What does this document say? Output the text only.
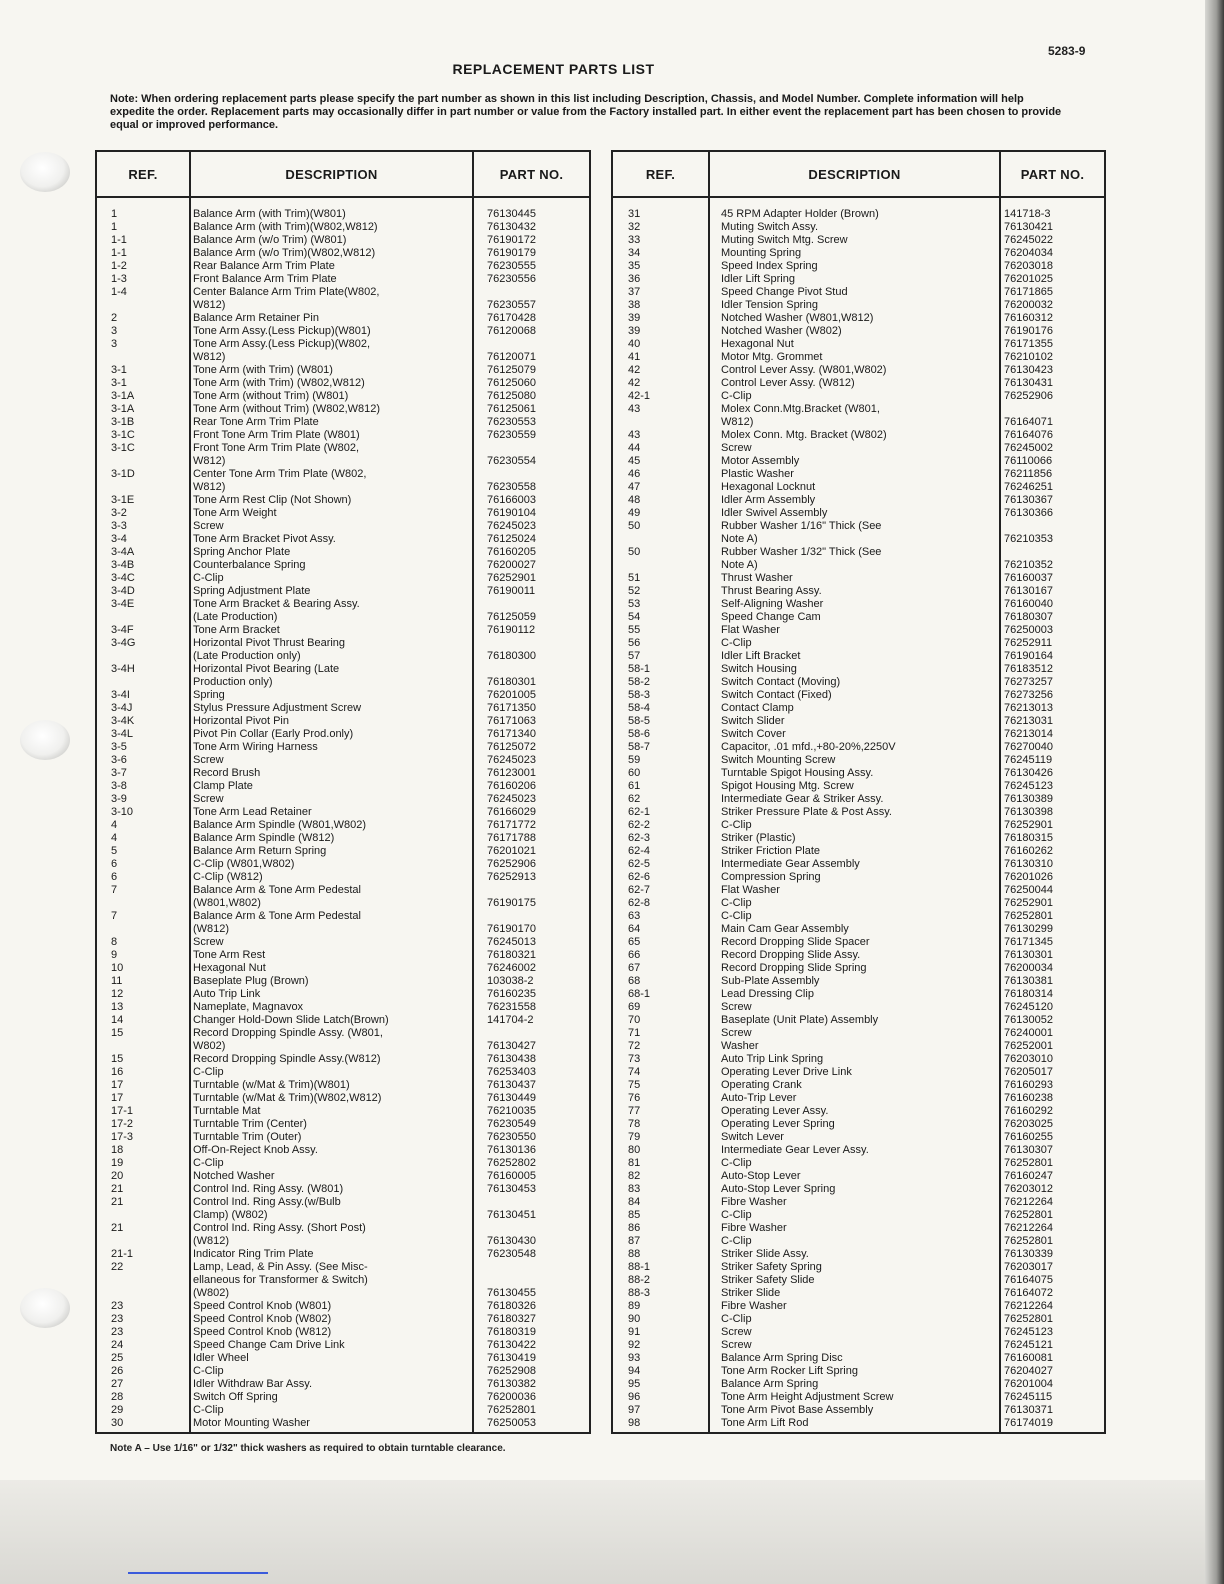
5283-9
REPLACEMENT PARTS LIST
Note: When ordering replacement parts please specify the part number as shown in this list including Description, Chassis, and Model Number. Complete information will help expedite the order. Replacement parts may occasionally differ in part number or value from the Factory installed part. In either event the replacement part has been chosen to provide equal or improved performance.
REF.	DESCRIPTION	PART NO.
1	Balance Arm (with Trim)(W801)	76130445
1	Balance Arm (with Trim)(W802,W812)	76130432
1-1	Balance Arm (w/o Trim) (W801)	76190172
1-1	Balance Arm (w/o Trim)(W802,W812)	76190179
1-2	Rear Balance Arm Trim Plate	76230555
1-3	Front Balance Arm Trim Plate	76230556
1-4	Center Balance Arm Trim Plate(W802,
W812)	76230557
2	Balance Arm Retainer Pin	76170428
3	Tone Arm Assy.(Less Pickup)(W801)	76120068
3	Tone Arm Assy.(Less Pickup)(W802,
W812)	76120071
3-1	Tone Arm (with Trim) (W801)	76125079
3-1	Tone Arm (with Trim) (W802,W812)	76125060
3-1A	Tone Arm (without Trim) (W801)	76125080
3-1A	Tone Arm (without Trim) (W802,W812)	76125061
3-1B	Rear Tone Arm Trim Plate	76230553
3-1C	Front Tone Arm Trim Plate (W801)	76230559
3-1C	Front Tone Arm Trim Plate (W802,
W812)	76230554
3-1D	Center Tone Arm Trim Plate (W802,
W812)	76230558
3-1E	Tone Arm Rest Clip (Not Shown)	76166003
3-2	Tone Arm Weight	76190104
3-3	Screw	76245023
3-4	Tone Arm Bracket Pivot Assy.	76125024
3-4A	Spring Anchor Plate	76160205
3-4B	Counterbalance Spring	76200027
3-4C	C-Clip	76252901
3-4D	Spring Adjustment Plate	76190011
3-4E	Tone Arm Bracket & Bearing Assy.
(Late Production)	76125059
3-4F	Tone Arm Bracket	76190112
3-4G	Horizontal Pivot Thrust Bearing
(Late Production only)	76180300
3-4H	Horizontal Pivot Bearing (Late
Production only)	76180301
3-4I	Spring	76201005
3-4J	Stylus Pressure Adjustment Screw	76171350
3-4K	Horizontal Pivot Pin	76171063
3-4L	Pivot Pin Collar (Early Prod.only)	76171340
3-5	Tone Arm Wiring Harness	76125072
3-6	Screw	76245023
3-7	Record Brush	76123001
3-8	Clamp Plate	76160206
3-9	Screw	76245023
3-10	Tone Arm Lead Retainer	76166029
4	Balance Arm Spindle (W801,W802)	76171772
4	Balance Arm Spindle (W812)	76171788
5	Balance Arm Return Spring	76201021
6	C-Clip (W801,W802)	76252906
6	C-Clip (W812)	76252913
7	Balance Arm & Tone Arm Pedestal
(W801,W802)	76190175
7	Balance Arm & Tone Arm Pedestal
(W812)	76190170
8	Screw	76245013
9	Tone Arm Rest	76180321
10	Hexagonal Nut	76246002
11	Baseplate Plug (Brown)	103038-2
12	Auto Trip Link	76160235
13	Nameplate, Magnavox	76231558
14	Changer Hold-Down Slide Latch(Brown)	141704-2
15	Record Dropping Spindle Assy. (W801,
W802)	76130427
15	Record Dropping Spindle Assy.(W812)	76130438
16	C-Clip	76253403
17	Turntable (w/Mat & Trim)(W801)	76130437
17	Turntable (w/Mat & Trim)(W802,W812)	76130449
17-1	Turntable Mat	76210035
17-2	Turntable Trim (Center)	76230549
17-3	Turntable Trim (Outer)	76230550
18	Off-On-Reject Knob Assy.	76130136
19	C-Clip	76252802
20	Notched Washer	76160005
21	Control Ind. Ring Assy. (W801)	76130453
21	Control Ind. Ring Assy.(w/Bulb
Clamp) (W802)	76130451
21	Control Ind. Ring Assy. (Short Post)
(W812)	76130430
21-1	Indicator Ring Trim Plate	76230548
22	Lamp, Lead, & Pin Assy. (See Misc-
ellaneous for Transformer & Switch)
(W802)	76130455
23	Speed Control Knob (W801)	76180326
23	Speed Control Knob (W802)	76180327
23	Speed Control Knob (W812)	76180319
24	Speed Change Cam Drive Link	76130422
25	Idler Wheel	76130419
26	C-Clip	76252908
27	Idler Withdraw Bar Assy.	76130382
28	Switch Off Spring	76200036
29	C-Clip	76252801
30	Motor Mounting Washer	76250053
REF.	DESCRIPTION	PART NO.
31	45 RPM Adapter Holder (Brown)	141718-3
32	Muting Switch Assy.	76130421
33	Muting Switch Mtg. Screw	76245022
34	Mounting Spring	76204034
35	Speed Index Spring	76203018
36	Idler Lift Spring	76201025
37	Speed Change Pivot Stud	76171865
38	Idler Tension Spring	76200032
39	Notched Washer (W801,W812)	76160312
39	Notched Washer (W802)	76190176
40	Hexagonal Nut	76171355
41	Motor Mtg. Grommet	76210102
42	Control Lever Assy. (W801,W802)	76130423
42	Control Lever Assy. (W812)	76130431
42-1	C-Clip	76252906
43	Molex Conn.Mtg.Bracket (W801,
W812)	76164071
43	Molex Conn. Mtg. Bracket (W802)	76164076
44	Screw	76245002
45	Motor Assembly	76110066
46	Plastic Washer	76211856
47	Hexagonal Locknut	76246251
48	Idler Arm Assembly	76130367
49	Idler Swivel Assembly	76130366
50	Rubber Washer 1/16" Thick (See
Note A)	76210353
50	Rubber Washer 1/32" Thick (See
Note A)	76210352
51	Thrust Washer	76160037
52	Thrust Bearing Assy.	76130167
53	Self-Aligning Washer	76160040
54	Speed Change Cam	76180307
55	Flat Washer	76250003
56	C-Clip	76252911
57	Idler Lift Bracket	76190164
58-1	Switch Housing	76183512
58-2	Switch Contact (Moving)	76273257
58-3	Switch Contact (Fixed)	76273256
58-4	Contact Clamp	76213013
58-5	Switch Slider	76213031
58-6	Switch Cover	76213014
58-7	Capacitor, .01 mfd.,+80-20%,2250V	76270040
59	Switch Mounting Screw	76245119
60	Turntable Spigot Housing Assy.	76130426
61	Spigot Housing Mtg. Screw	76245123
62	Intermediate Gear & Striker Assy.	76130389
62-1	Striker Pressure Plate & Post Assy.	76130398
62-2	C-Clip	76252901
62-3	Striker (Plastic)	76180315
62-4	Striker Friction Plate	76160262
62-5	Intermediate Gear Assembly	76130310
62-6	Compression Spring	76201026
62-7	Flat Washer	76250044
62-8	C-Clip	76252901
63	C-Clip	76252801
64	Main Cam Gear Assembly	76130299
65	Record Dropping Slide Spacer	76171345
66	Record Dropping Slide Assy.	76130301
67	Record Dropping Slide Spring	76200034
68	Sub-Plate Assembly	76130381
68-1	Lead Dressing Clip	76180314
69	Screw	76245120
70	Baseplate (Unit Plate) Assembly	76130052
71	Screw	76240001
72	Washer	76252001
73	Auto Trip Link Spring	76203010
74	Operating Lever Drive Link	76205017
75	Operating Crank	76160293
76	Auto-Trip Lever	76160238
77	Operating Lever Assy.	76160292
78	Operating Lever Spring	76203025
79	Switch Lever	76160255
80	Intermediate Gear Lever Assy.	76130307
81	C-Clip	76252801
82	Auto-Stop Lever	76160247
83	Auto-Stop Lever Spring	76203012
84	Fibre Washer	76212264
85	C-Clip	76252801
86	Fibre Washer	76212264
87	C-Clip	76252801
88	Striker Slide Assy.	76130339
88-1	Striker Safety Spring	76203017
88-2	Striker Safety Slide	76164075
88-3	Striker Slide	76164072
89	Fibre Washer	76212264
90	C-Clip	76252801
91	Screw	76245123
92	Screw	76245121
93	Balance Arm Spring Disc	76160081
94	Tone Arm Rocker Lift Spring	76204027
95	Balance Arm Spring	76201004
96	Tone Arm Height Adjustment Screw	76245115
97	Tone Arm Pivot Base Assembly	76130371
98	Tone Arm Lift Rod	76174019
Note A – Use 1/16" or 1/32" thick washers as required to obtain turntable clearance.
